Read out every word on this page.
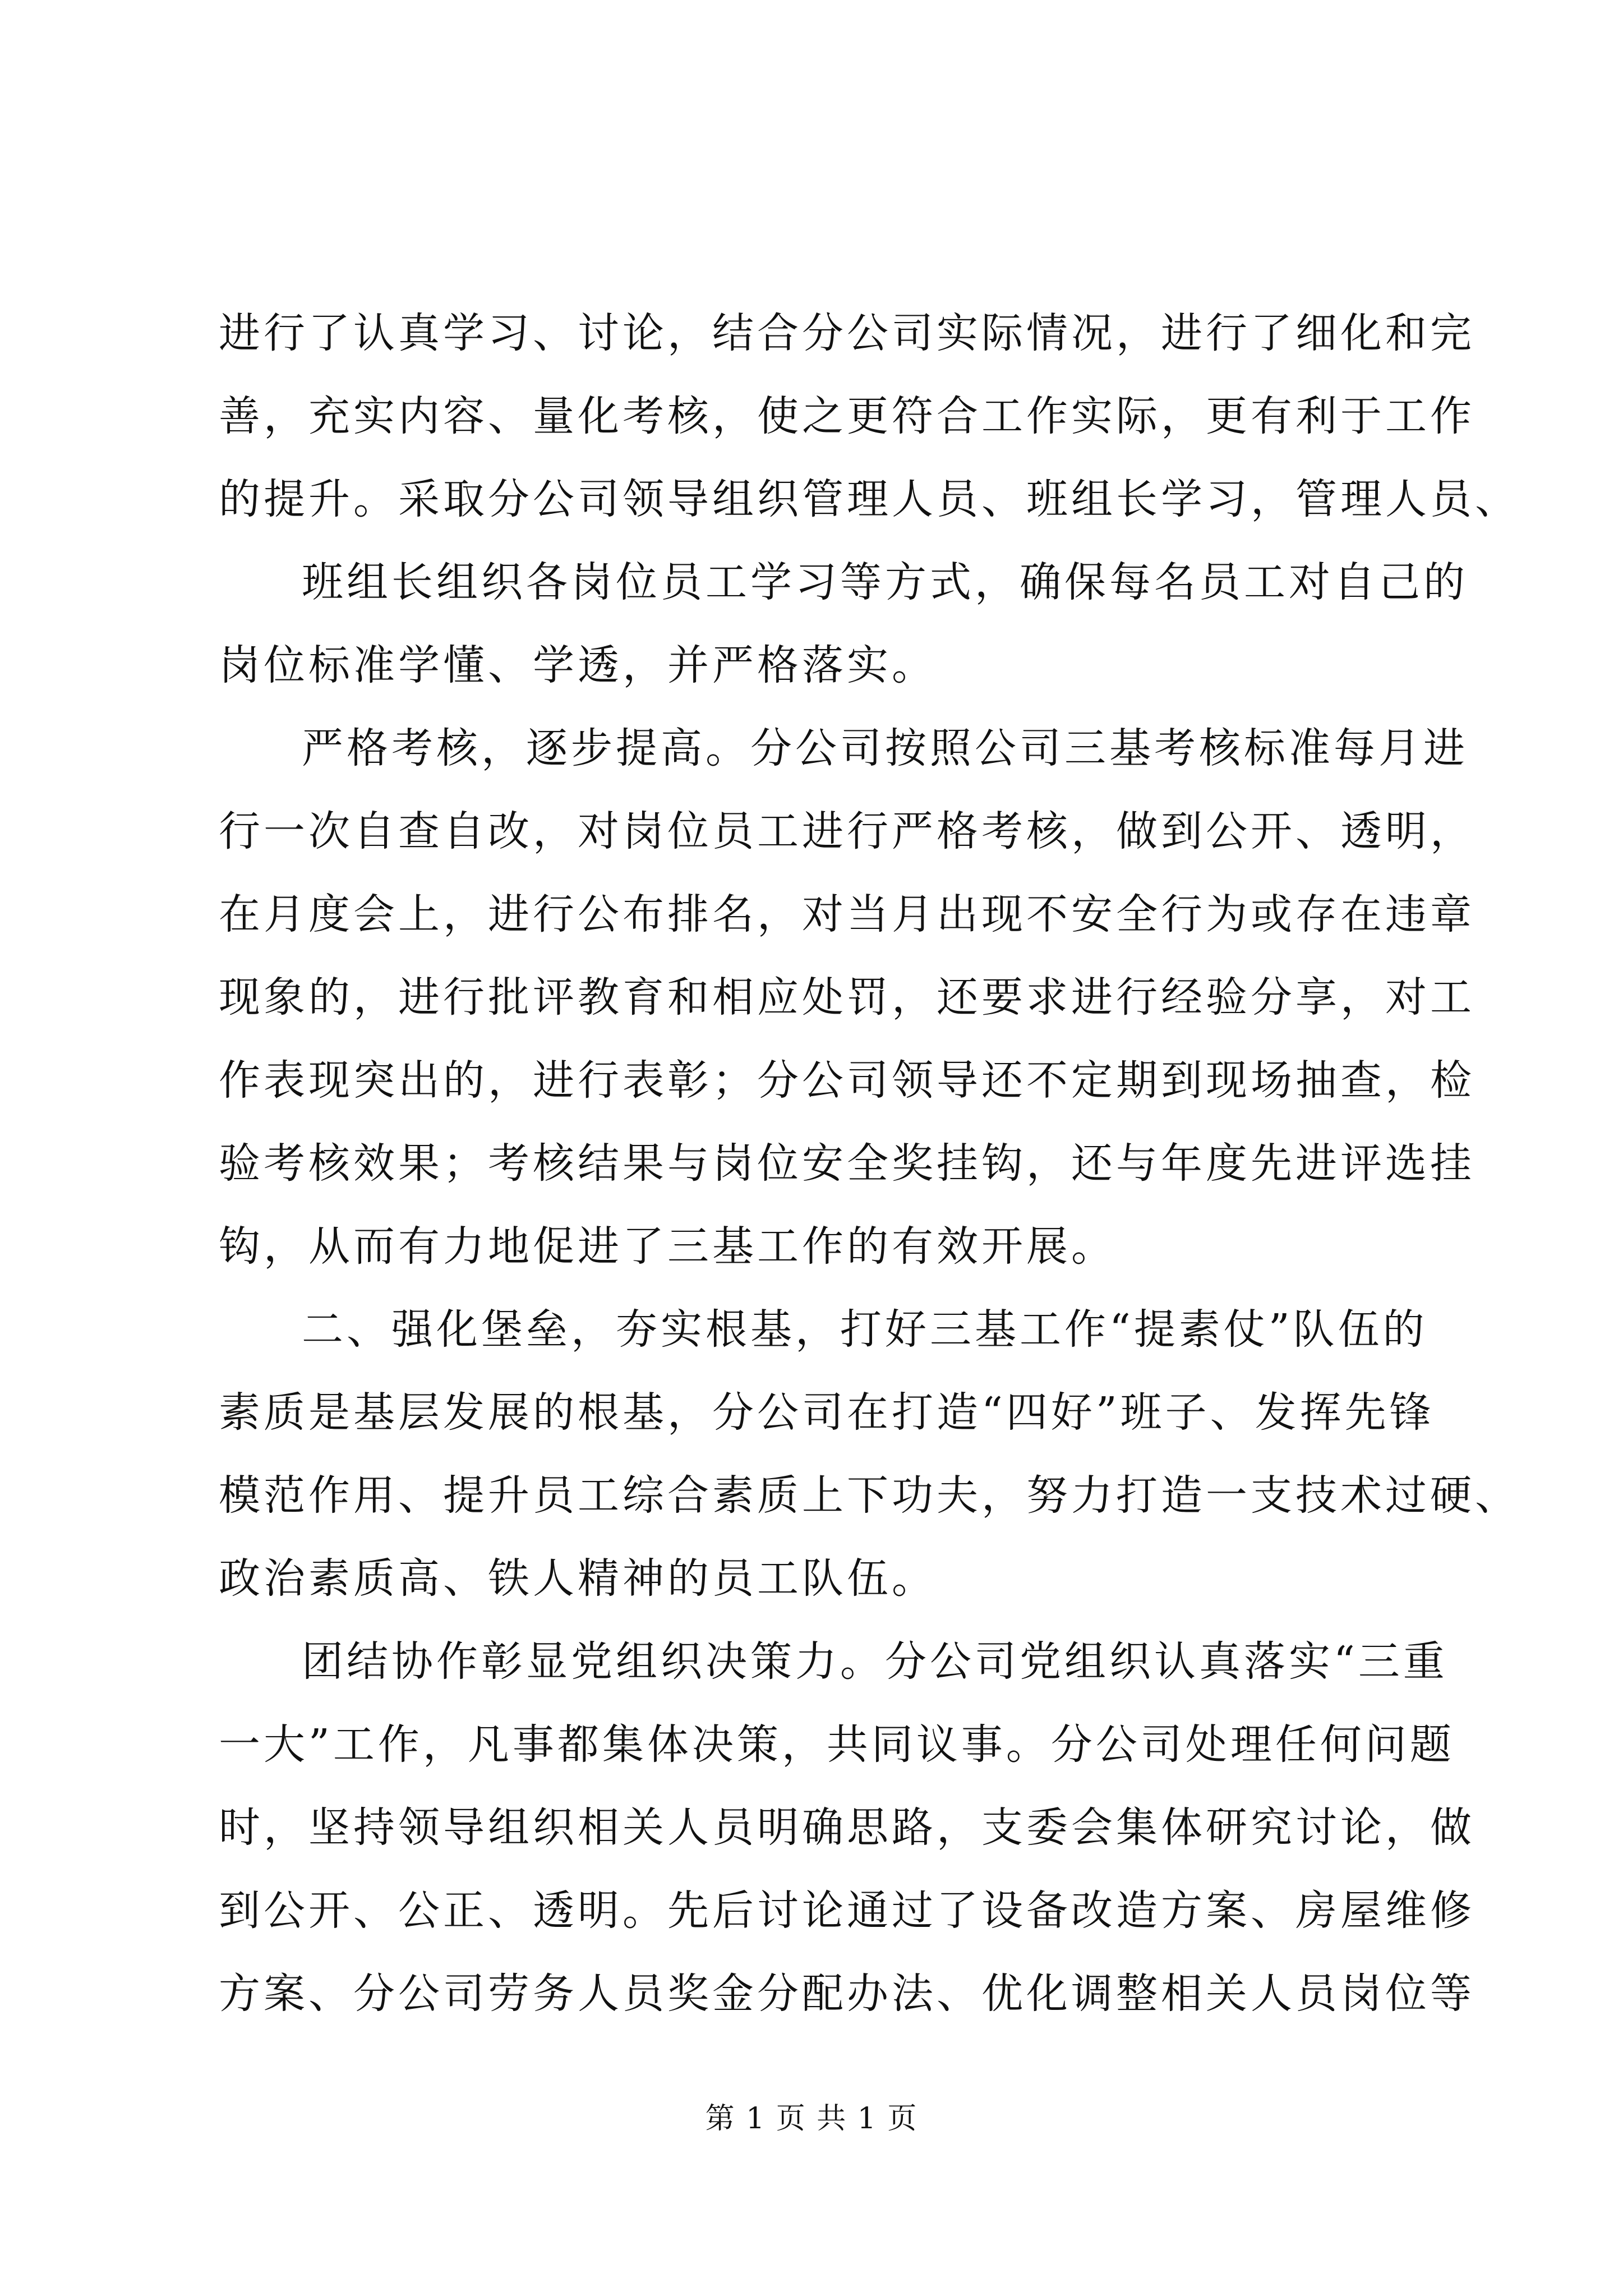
进行了认真学习、讨论，结合分公司实际情况，进行了细化和完
善，充实内容、量化考核，使之更符合工作实际，更有利于工作
的提升。采取分公司领导组织管理人员、班组长学习，管理人员、
班组长组织各岗位员工学习等方式，确保每名员工对自己的
岗位标准学懂、学透，并严格落实。
严格考核，逐步提高。分公司按照公司三基考核标准每月进
行一次自查自改，对岗位员工进行严格考核，做到公开、透明，
在月度会上，进行公布排名，对当月出现不安全行为或存在违章
现象的，进行批评教育和相应处罚，还要求进行经验分享，对工
作表现突出的，进行表彰；分公司领导还不定期到现场抽查，检
验考核效果；考核结果与岗位安全奖挂钩，还与年度先进评选挂
钩，从而有力地促进了三基工作的有效开展。
二、强化堡垒，夯实根基，打好三基工作“提素仗”队伍的
素质是基层发展的根基，分公司在打造“四好”班子、发挥先锋
模范作用、提升员工综合素质上下功夫，努力打造一支技术过硬、
政治素质高、铁人精神的员工队伍。
团结协作彰显党组织决策力。分公司党组织认真落实“三重
一大”工作，凡事都集体决策，共同议事。分公司处理任何问题
时，坚持领导组织相关人员明确思路，支委会集体研究讨论，做
到公开、公正、透明。先后讨论通过了设备改造方案、房屋维修
方案、分公司劳务人员奖金分配办法、优化调整相关人员岗位等
第 1 页 共 1 页
